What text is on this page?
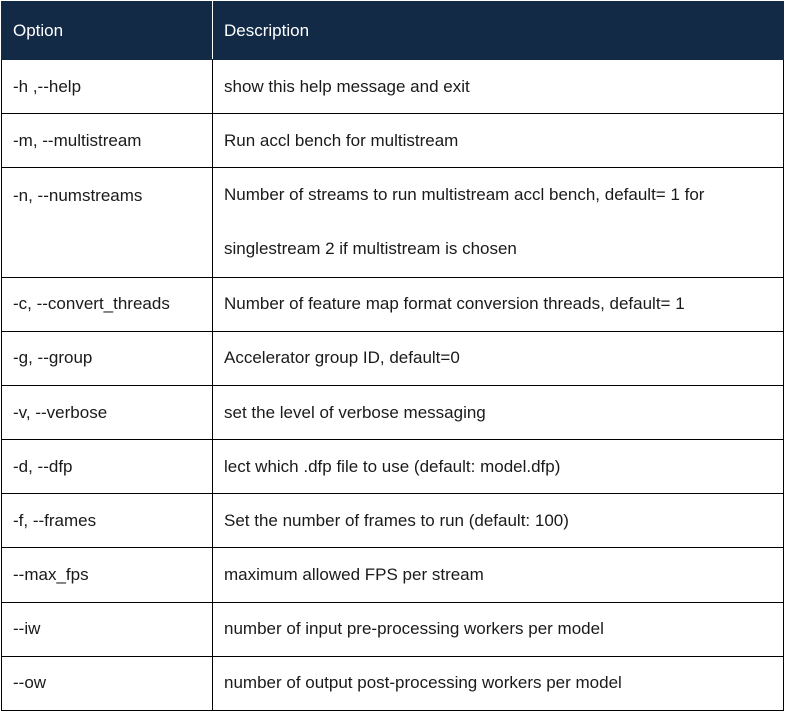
Option	Description
-h ,--help	show this help message and exit
-m, --multistream	Run accl bench for multistream
-n, --numstreams	Number of streams to run multistream accl bench, default= 1 for singlestream 2 if multistream is chosen
-c, --convert_threads	Number of feature map format conversion threads, default= 1
-g, --group	Accelerator group ID, default=0
-v, --verbose	set the level of verbose messaging
-d, --dfp	lect which .dfp file to use (default: model.dfp)
-f, --frames	Set the number of frames to run (default: 100)
--max_fps	maximum allowed FPS per stream
--iw	number of input pre-processing workers per model
--ow	number of output post-processing workers per model
